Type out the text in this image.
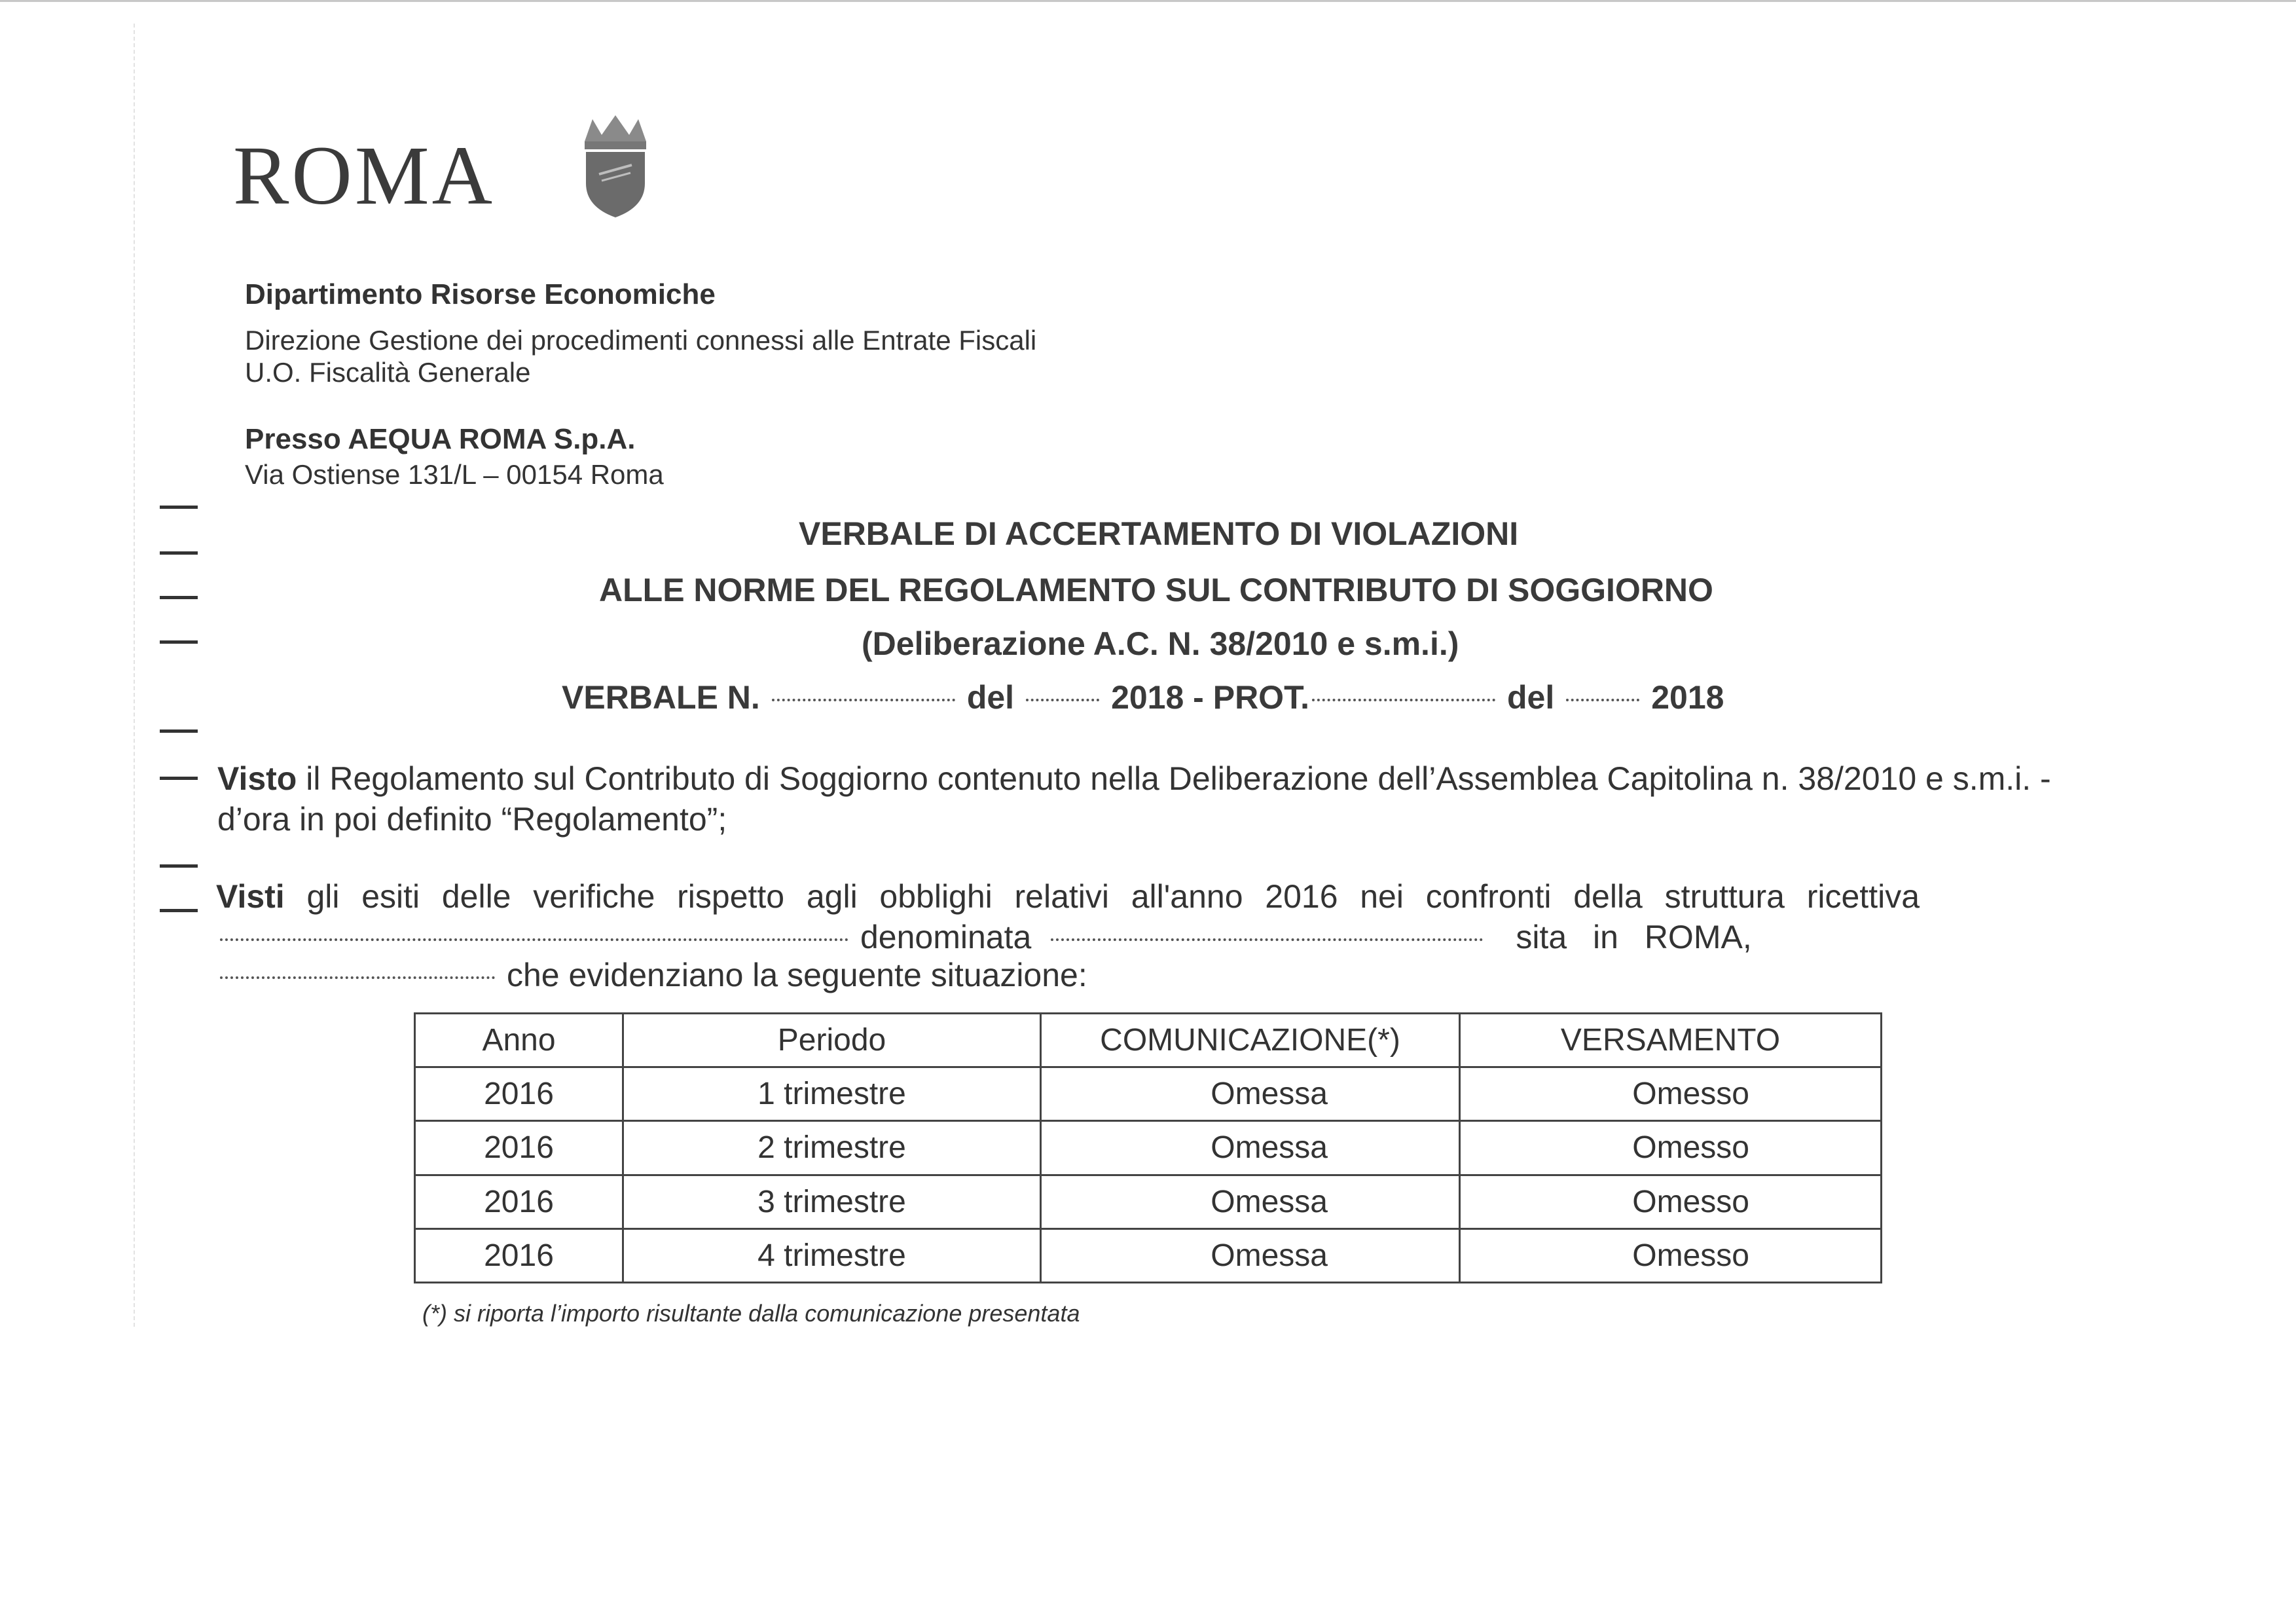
ROMA
Dipartimento Risorse Economiche
Direzione Gestione dei procedimenti connessi alle Entrate Fiscali
U.O. Fiscalità Generale
Presso AEQUA ROMA S.p.A.
Via Ostiense 131/L – 00154 Roma
VERBALE DI ACCERTAMENTO DI VIOLAZIONI
ALLE NORME DEL REGOLAMENTO SUL CONTRIBUTO DI SOGGIORNO
(Deliberazione A.C. N. 38/2010 e s.m.i.)
VERBALE N.	del	2018 - PROT.	del	2018
Visto il Regolamento sul Contributo di Soggiorno contenuto nella Deliberazione dell’Assemblea Capitolina n. 38/2010 e s.m.i. -
d’ora in poi definito “Regolamento”;
Visti gli esiti delle verifiche rispetto agli obblighi relativi all'anno 2016 nei confronti della struttura ricettiva
denominata	sita in ROMA,
che evidenziano la seguente situazione:
Anno	Periodo	COMUNICAZIONE(*)	VERSAMENTO
2016	1 trimestre	Omessa	Omesso
2016	2 trimestre	Omessa	Omesso
2016	3 trimestre	Omessa	Omesso
2016	4 trimestre	Omessa	Omesso
(*) si riporta l’importo risultante dalla comunicazione presentata
